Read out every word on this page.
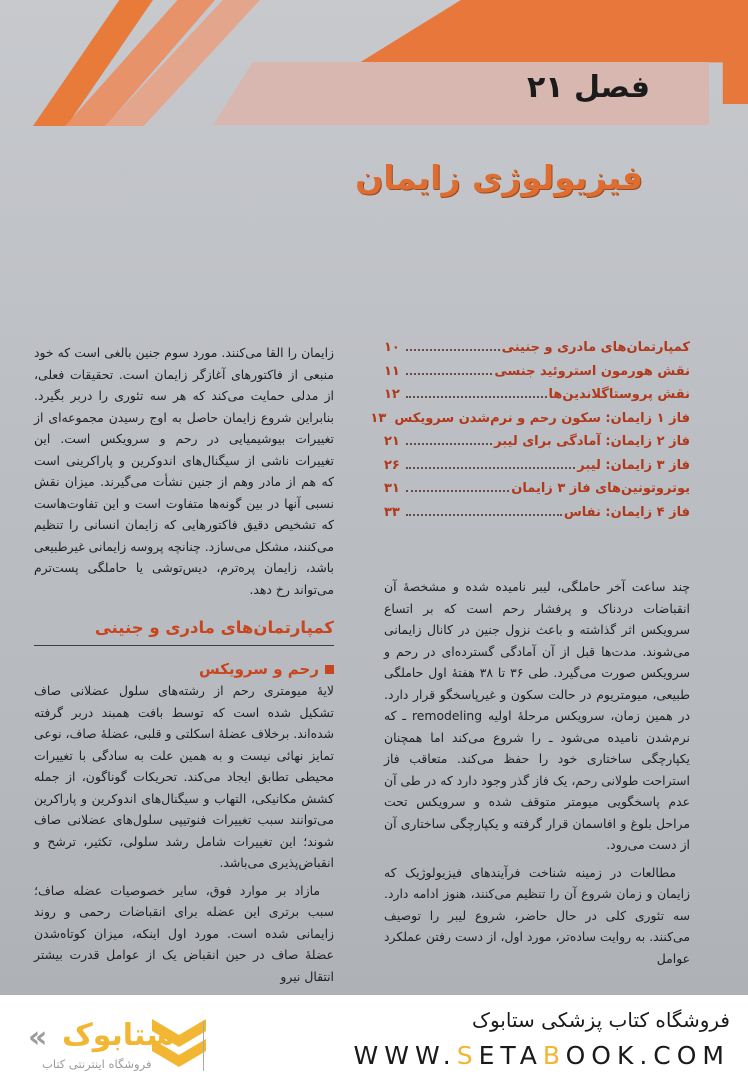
فصل ۲۱
فیزیولوژی زایمان
کمپارتمان‌های مادری و جنینی
۱۰
نقش هورمون استروئید جنسی
۱۱
نقش پروستاگلاندین‌ها
۱۲
فاز ۱ زایمان: سکون رحم و نرم‌شدن سرویکس
۱۳
فاز ۲ زایمان: آمادگی برای لیبر
۲۱
فاز ۳ زایمان: لیبر
۲۶
یوتروتونین‌های فاز ۳ زایمان
۳۱
فاز ۴ زایمان: نفاس
۳۳

چند ساعت آخر حاملگی، لیبر نامیده شده و مشخصهٔ آن انقباضات دردناک و پرفشار رحم است که بر اتساع سرویکس اثر گذاشته و باعث نزول جنین در کانال زایمانی می‌شوند. مدت‌ها قبل از آن آمادگی گسترده‌ای در رحم و سرویکس صورت می‌گیرد. طی ۳۶ تا ۳۸ هفتهٔ اول حاملگی طبیعی، میومتریوم در حالت سکون و غیرپاسخگو قرار دارد. در همین زمان، سرویکس مرحلهٔ اولیه remodeling ـ که نرم‌شدن نامیده می‌شود ـ را شروع می‌کند اما همچنان یکپارچگی ساختاری خود را حفظ می‌کند. متعاقب فاز استراحت طولانی رحم، یک فاز گذر وجود دارد که در طی آن عدم پاسخگویی میومتر متوقف شده و سرویکس تحت مراحل بلوغ و افاسمان قرار گرفته و یکپارچگی ساختاری آن از دست می‌رود.

مطالعات در زمینه شناخت فرآیندهای فیزیولوژیک که زایمان و زمان شروع آن را تنظیم می‌کنند، هنوز ادامه دارد. سه تئوری کلی در حال حاضر، شروع لیبر را توصیف می‌کنند. به روایت ساده‌تر، مورد اول، از دست رفتن عملکرد عوامل

زایمان را القا می‌کنند. مورد سوم جنین بالغی است که خود منبعی از فاکتورهای آغازگر زایمان است. تحقیقات فعلی، از مدلی حمایت می‌کند که هر سه تئوری را دربر بگیرد. بنابراین شروع زایمان حاصل به اوج رسیدن مجموعه‌ای از تغییرات بیوشیمیایی در رحم و سرویکس است. این تغییرات ناشی از سیگنال‌های اندوکرین و پاراکرینی است که هم از مادر وهم از جنین نشأت می‌گیرند. میزان نقش نسبی آنها در بین گونه‌ها متفاوت است و این تفاوت‌هاست که تشخیص دقیق فاکتورهایی که زایمان انسانی را تنظیم می‌کنند، مشکل می‌سازد. چنانچه پروسه زایمانی غیرطبیعی باشد، زایمان پره‌ترم، دیس‌توشی یا حاملگی پست‌ترم می‌تواند رخ دهد.

کمپارتمان‌های مادری و جنینی
رحم و سرویکس

لایهٔ میومتری رحم از رشته‌های سلول عضلانی صاف تشکیل شده است که توسط بافت همبند دربر گرفته شده‌اند. برخلاف عضلهٔ اسکلتی و قلبی، عضلهٔ صاف، نوعی تمایز نهائی نیست و به همین علت به سادگی با تغییرات محیطی تطابق ایجاد می‌کند. تحریکات گوناگون، از جمله کشش مکانیکی، التهاب و سیگنال‌های اندوکرین و پاراکرین می‌توانند سبب تغییرات فنوتیپی سلول‌های عضلانی صاف شوند؛ این تغییرات شامل رشد سلولی، تکثیر، ترشح و انقباض‌پذیری می‌باشد.

مازاد بر موارد فوق، سایر خصوصیات عضله صاف؛ سبب برتری این عضله برای انقباضات رحمی و روند زایمانی شده است. مورد اول اینکه، میزان کوتاه‌شدن عضلهٔ صاف در حین انقباض یک از عوامل قدرت بیشتر انتقال نیرو

فروشگاه کتاب پزشکی ستابوک
WWW.SETABOOK.COM
« ستابوک
فروشگاه اینترنتی کتاب
